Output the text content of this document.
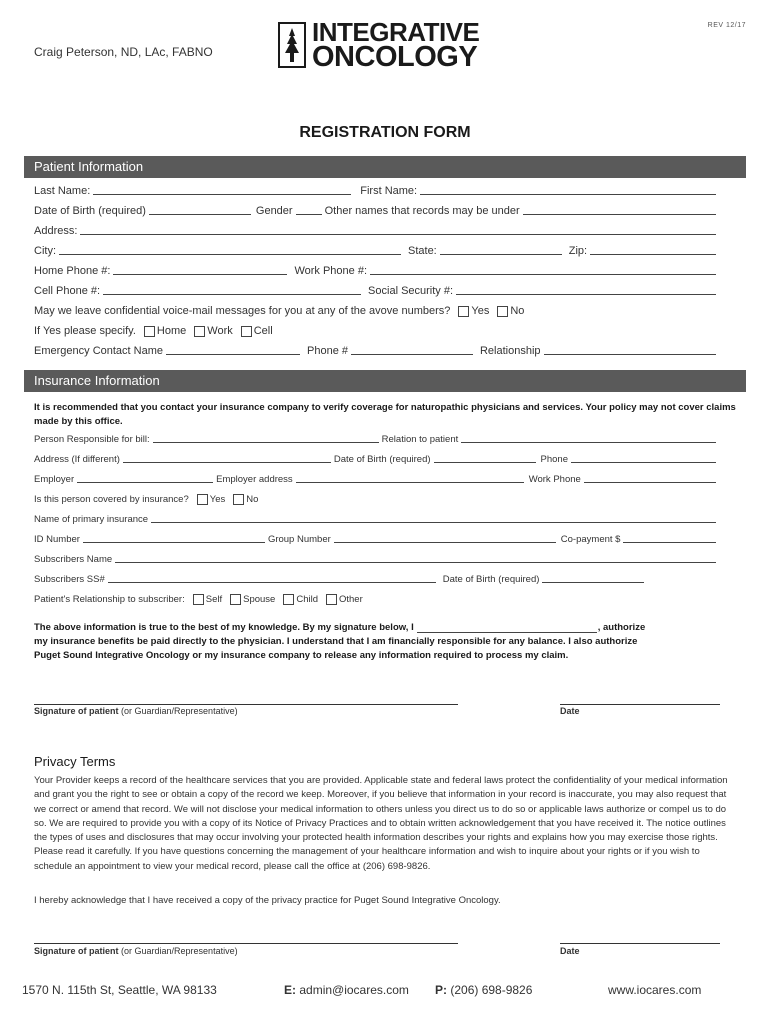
Craig Peterson, ND, LAc, FABNO
INTEGRATIVE
ONCOLOGY
REV 12/17
REGISTRATION FORM
Patient Information
Last Name:	First Name:
Date of Birth (required)	Gender	Other names that records may be under
Address:
City:	State:	Zip:
Home Phone #:	Work Phone #:
Cell Phone #:	Social Security #:
May we leave confidential voice-mail messages for you at any of the avove numbers? Yes No
If Yes please specify. Home Work Cell
Emergency Contact Name	Phone #	Relationship
Insurance Information
It is recommended that you contact your insurance company to verify coverage for naturopathic physicians and services. Your policy may not cover claims made by this office.
Person Responsible for bill:	Relation to patient
Address (If different)	Date of Birth (required)	Phone
Employer	Employer address	Work Phone
Is this person covered by insurance? Yes No
Name of primary insurance
ID Number	Group Number	Co-payment $
Subscribers Name
Subscribers SS#	Date of Birth (required)
Patient's Relationship to subscriber: Self Spouse Child Other
The above information is true to the best of my knowledge. By my signature below, I	, authorize
my insurance benefits be paid directly to the physician. I understand that I am financially responsible for any balance. I also authorize
Puget Sound Integrative Oncology or my insurance company to release any information required to process my claim.
Signature of patient (or Guardian/Representative)	Date
Privacy Terms
Your Provider keeps a record of the healthcare services that you are provided. Applicable state and federal laws protect the confidentiality of your medical information and grant you the right to see or obtain a copy of the record we keep. Moreover, if you believe that information in your record is inaccurate, you may also request that we correct or amend that record. We will not disclose your medical information to others unless you direct us to do so or applicable laws authorize or compel us to do so. We are required to provide you with a copy of its Notice of Privacy Practices and to obtain written acknowledgement that you have received it. The notice outlines the types of uses and disclosures that may occur involving your protected health information describes your rights and explains how you may exercise those rights. Please read it carefully. If you have questions concerning the management of your healthcare information and wish to inquire about your rights or if you wish to schedule an appointment to view your medical record, please call the office at (206) 698-9826.
I hereby acknowledge that I have received a copy of the privacy practice for Puget Sound Integrative Oncology.
Signature of patient (or Guardian/Representative)	Date
1570 N. 115th St, Seattle, WA 98133	E: admin@iocares.com P: (206) 698-9826	www.iocares.com
